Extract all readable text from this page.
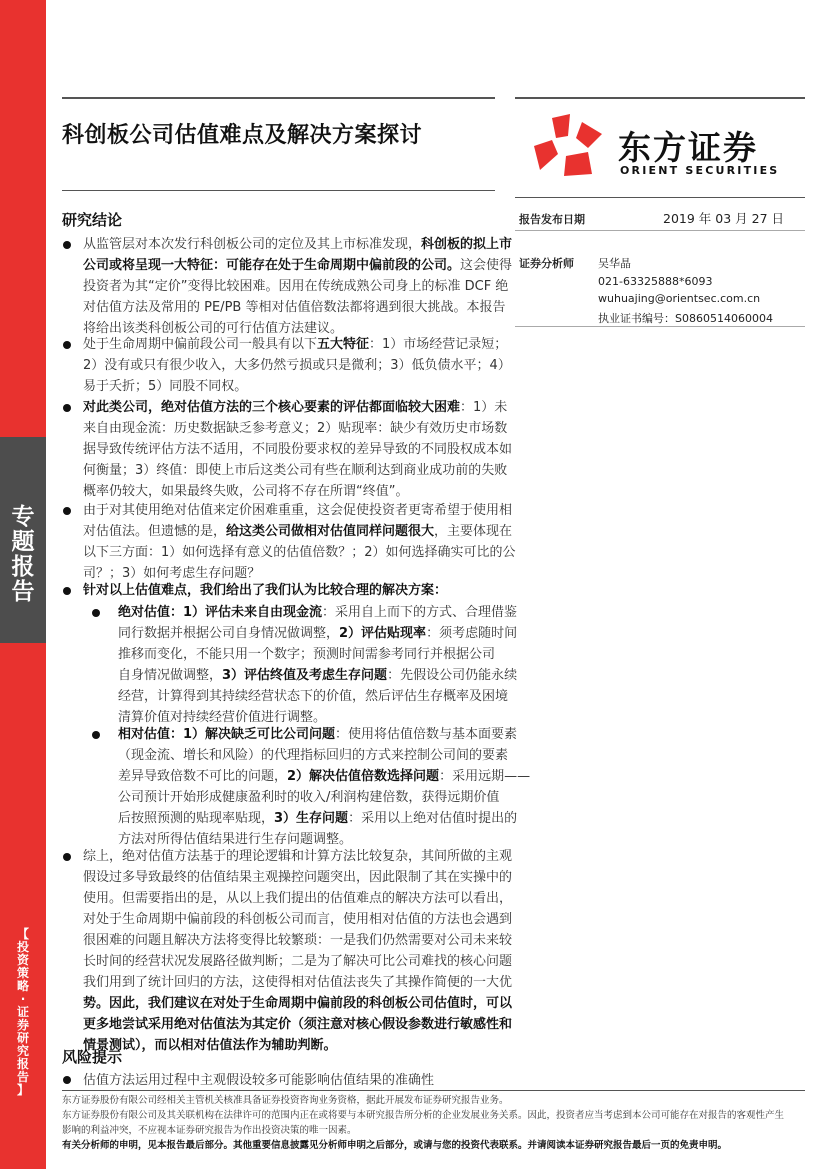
专
题
报
告
【
投
资
策
略
·
证
券
研
究
报
告
】
科创板公司估值难点及解决方案探讨	东方证券
ORIENT SECURITIES
报告发布日期	2019 年 03 月 27 日
证券分析师 吴华晶
021-63325888*6093
wuhuajing@orientsec.com.cn
执业证书编号：S0860514060004
研究结论
从监管层对本次发行科创板公司的定位及其上市标准发现，科创板的拟上市
公司或将呈现一大特征：可能存在处于生命周期中偏前段的公司。这会使得
投资者为其“定价”变得比较困难。因用在传统成熟公司身上的标准 DCF 绝
对估值方法及常用的 PE/PB 等相对估值倍数法都将遇到很大挑战。本报告
将给出该类科创板公司的可行估值方法建议。
处于生命周期中偏前段公司一般具有以下五大特征：1）市场经营记录短；
2）没有或只有很少收入，大多仍然亏损或只是微利；3）低负债水平；4）
易于夭折；5）同股不同权。
对此类公司，绝对估值方法的三个核心要素的评估都面临较大困难：1）未
来自由现金流：历史数据缺乏参考意义；2）贴现率：缺少有效历史市场数
据导致传统评估方法不适用，不同股份要求权的差异导致的不同股权成本如
何衡量；3）终值：即使上市后这类公司有些在顺利达到商业成功前的失败
概率仍较大，如果最终失败，公司将不存在所谓“终值”。
由于对其使用绝对估值来定价困难重重，这会促使投资者更寄希望于使用相
对估值法。但遗憾的是，给这类公司做相对估值同样问题很大，主要体现在
以下三方面：1）如何选择有意义的估值倍数？；2）如何选择确实可比的公
司？；3）如何考虑生存问题？
针对以上估值难点，我们给出了我们认为比较合理的解决方案：
绝对估值：1）评估未来自由现金流：采用自上而下的方式、合理借鉴
同行数据并根据公司自身情况做调整，2）评估贴现率：须考虑随时间
推移而变化，不能只用一个数字；预测时间需参考同行并根据公司
自身情况做调整，3）评估终值及考虑生存问题：先假设公司仍能永续
经营，计算得到其持续经营状态下的价值，然后评估生存概率及困境
清算价值对持续经营价值进行调整。
相对估值：1）解决缺乏可比公司问题：使用将估值倍数与基本面要素
（现金流、增长和风险）的代理指标回归的方式来控制公司间的要素
差异导致倍数不可比的问题，2）解决估值倍数选择问题：采用远期——
公司预计开始形成健康盈利时的收入/利润构建倍数，获得远期价值
后按照预测的贴现率贴现，3）生存问题：采用以上绝对估值时提出的
方法对所得估值结果进行生存问题调整。
综上，绝对估值方法基于的理论逻辑和计算方法比较复杂，其间所做的主观
假设过多导致最终的估值结果主观操控问题突出，因此限制了其在实操中的
使用。但需要指出的是，从以上我们提出的估值难点的解决方法可以看出，
对处于生命周期中偏前段的科创板公司而言，使用相对估值的方法也会遇到
很困难的问题且解决方法将变得比较繁琐：一是我们仍然需要对公司未来较
长时间的经营状况发展路径做判断；二是为了解决可比公司难找的核心问题
我们用到了统计回归的方法，这使得相对估值法丧失了其操作简便的一大优
势。因此，我们建议在对处于生命周期中偏前段的科创板公司估值时，可以
更多地尝试采用绝对估值法为其定价（须注意对核心假设参数进行敏感性和
情景测试），而以相对估值法作为辅助判断。
风险提示
估值方法运用过程中主观假设较多可能影响估值结果的准确性
东方证券股份有限公司经相关主管机关核准具备证券投资咨询业务资格，据此开展发布证券研究报告业务。
东方证券股份有限公司及其关联机构在法律许可的范围内正在或将要与本研究报告所分析的企业发展业务关系。因此，投资者应当考虑到本公司可能存在对报告的客观性产生
影响的利益冲突，不应视本证券研究报告为作出投资决策的唯一因素。
有关分析师的申明，见本报告最后部分。其他重要信息披露见分析师申明之后部分，或请与您的投资代表联系。并请阅读本证券研究报告最后一页的免责申明。
